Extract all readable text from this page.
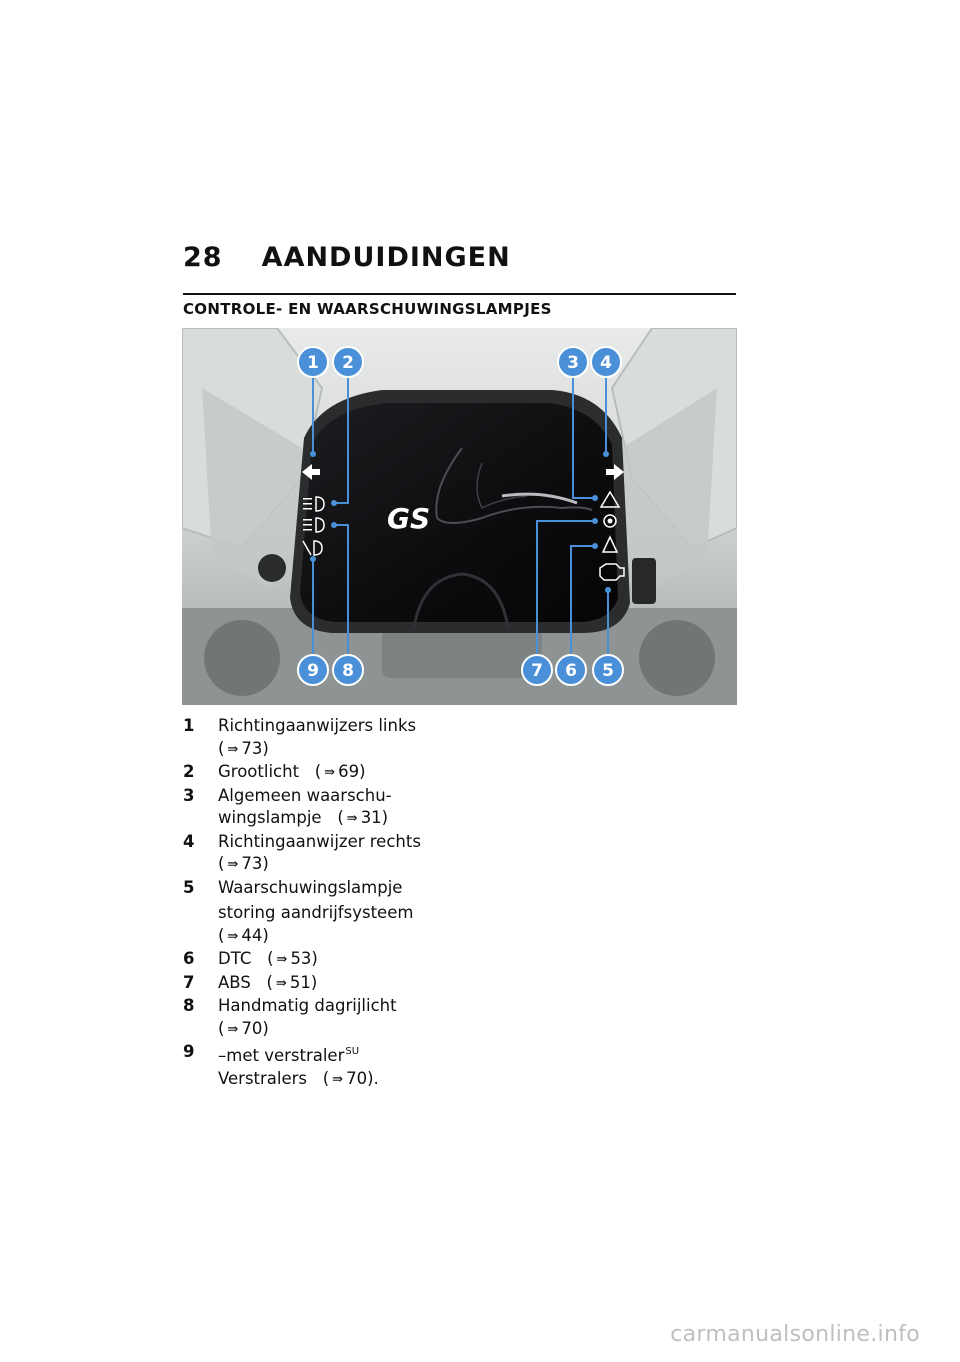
28 AANDUIDINGEN
CONTROLE- EN WAARSCHUWINGSLAMPJES
GS
1 2	3 4
5
6
7
8
9
1	Richtingaanwijzers links
( ⇛ 73)
2	Grootlicht ( ⇛ 69)
3	Algemeen waarschu-
wingslampje ( ⇛ 31)
4	Richtingaanwijzer rechts
( ⇛ 73)
5	Waarschuwingslampje
storing aandrijfsysteem
( ⇛ 44)
6	DTC ( ⇛ 53)
7	ABS ( ⇛ 51)
8	Handmatig dagrijlicht
( ⇛ 70)
9	–met verstraler$^{SU}$
Verstralers ( ⇛ 70).
carmanualsonline.info
